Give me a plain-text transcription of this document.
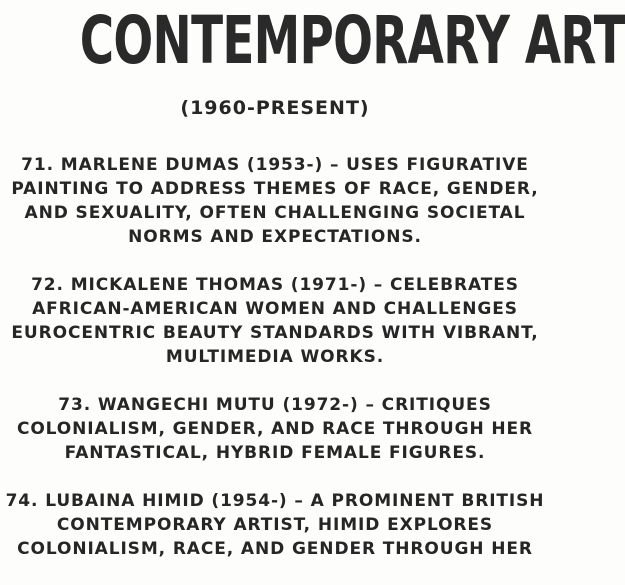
CONTEMPORARY ART
(1960-PRESENT)
71. MARLENE DUMAS (1953-) – USES FIGURATIVE
PAINTING TO ADDRESS THEMES OF RACE, GENDER,
AND SEXUALITY, OFTEN CHALLENGING SOCIETAL
NORMS AND EXPECTATIONS.
72. MICKALENE THOMAS (1971-) – CELEBRATES
AFRICAN-AMERICAN WOMEN AND CHALLENGES
EUROCENTRIC BEAUTY STANDARDS WITH VIBRANT,
MULTIMEDIA WORKS.
73. WANGECHI MUTU (1972-) – CRITIQUES
COLONIALISM, GENDER, AND RACE THROUGH HER
FANTASTICAL, HYBRID FEMALE FIGURES.
74. LUBAINA HIMID (1954-) – A PROMINENT BRITISH
CONTEMPORARY ARTIST, HIMID EXPLORES
COLONIALISM, RACE, AND GENDER THROUGH HER
